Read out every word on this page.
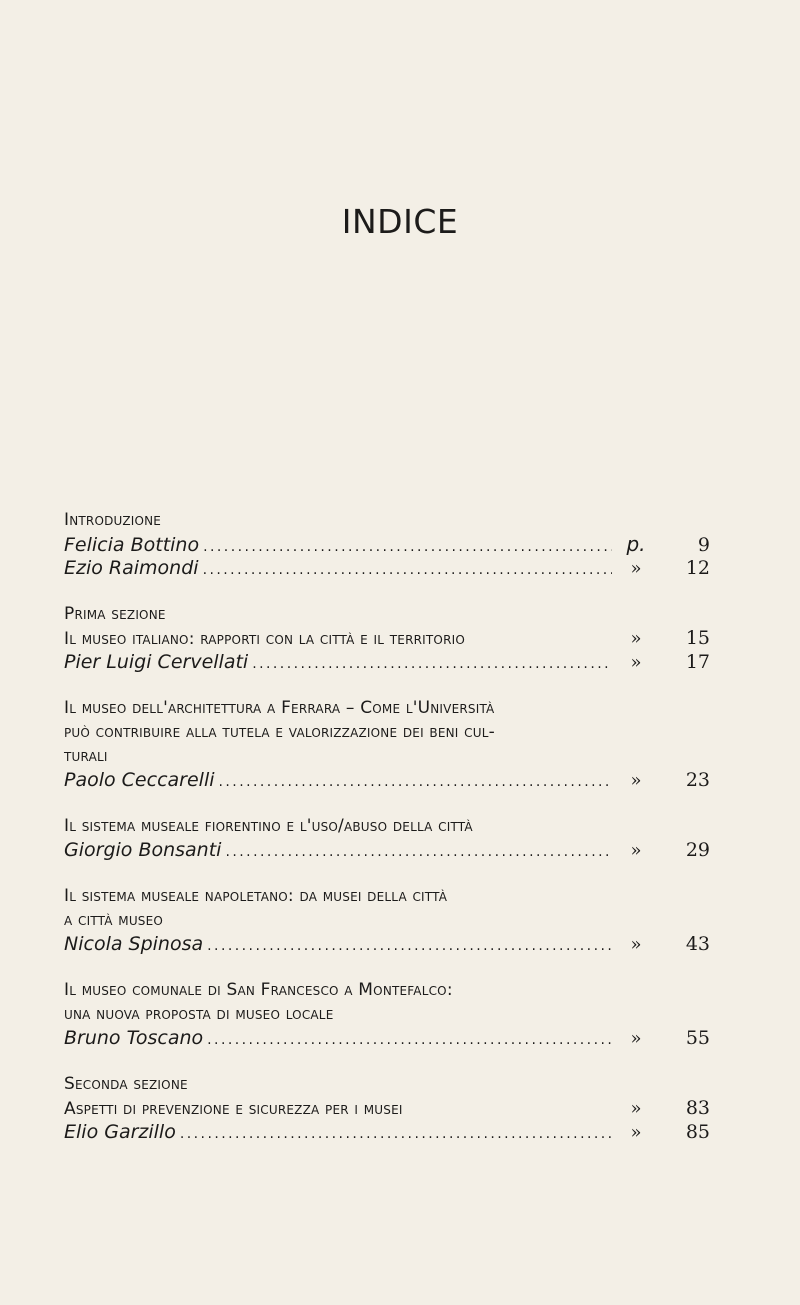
INDICE
Introduzione
Felicia Bottino . . .	p.	9
Ezio Raimondi . . .	»	12
Prima sezione
Il museo italiano: rapporti con la città e il territorio	»	15
Pier Luigi Cervellati . . .	»	17
Il museo dell'architettura a Ferrara – Come l'Università
può contribuire alla tutela e valorizzazione dei beni cul-
turali
Paolo Ceccarelli . . .	»	23
Il sistema museale fiorentino e l'uso/abuso della città
Giorgio Bonsanti . . .	»	29
Il sistema museale napoletano: da musei della città
a città museo
Nicola Spinosa . . .	»	43
Il museo comunale di San Francesco a Montefalco:
una nuova proposta di museo locale
Bruno Toscano . . .	»	55
Seconda sezione
Aspetti di prevenzione e sicurezza per i musei	»	83
Elio Garzillo . . .	»	85
